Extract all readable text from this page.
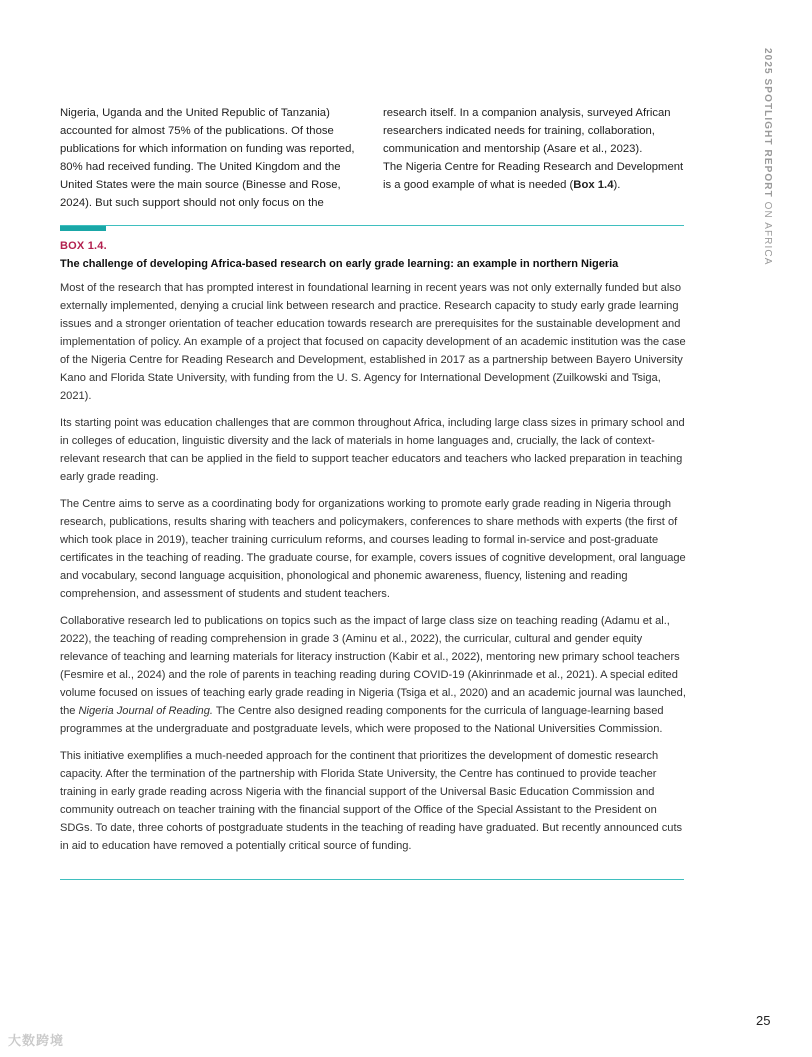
2025 SPOTLIGHT REPORT ON AFRICA

Nigeria, Uganda and the United Republic of Tanzania) accounted for almost 75% of the publications. Of those publications for which information on funding was reported, 80% had received funding. The United Kingdom and the United States were the main source (Binesse and Rose, 2024). But such support should not only focus on the

research itself. In a companion analysis, surveyed African researchers indicated needs for training, collaboration, communication and mentorship (Asare et al., 2023).

The Nigeria Centre for Reading Research and Development is a good example of what is needed (Box 1.4).

BOX 1.4.
The challenge of developing Africa-based research on early grade learning: an example in northern Nigeria

Most of the research that has prompted interest in foundational learning in recent years was not only externally funded but also externally implemented, denying a crucial link between research and practice. Research capacity to study early grade learning issues and a stronger orientation of teacher education towards research are prerequisites for the sustainable development and implementation of policy. An example of a project that focused on capacity development of an academic institution was the case of the Nigeria Centre for Reading Research and Development, established in 2017 as a partnership between Bayero University Kano and Florida State University, with funding from the U. S. Agency for International Development (Zuilkowski and Tsiga, 2021).

Its starting point was education challenges that are common throughout Africa, including large class sizes in primary school and in colleges of education, linguistic diversity and the lack of materials in home languages and, crucially, the lack of context-relevant research that can be applied in the field to support teacher educators and teachers who lacked preparation in teaching early grade reading.

The Centre aims to serve as a coordinating body for organizations working to promote early grade reading in Nigeria through research, publications, results sharing with teachers and policymakers, conferences to share methods with experts (the first of which took place in 2019), teacher training curriculum reforms, and courses leading to formal in-service and post-graduate certificates in the teaching of reading. The graduate course, for example, covers issues of cognitive development, oral language and vocabulary, second language acquisition, phonological and phonemic awareness, fluency, listening and reading comprehension, and assessment of students and student teachers.

Collaborative research led to publications on topics such as the impact of large class size on teaching reading (Adamu et al., 2022), the teaching of reading comprehension in grade 3 (Aminu et al., 2022), the curricular, cultural and gender equity relevance of teaching and learning materials for literacy instruction (Kabir et al., 2022), mentoring new primary school teachers (Fesmire et al., 2024) and the role of parents in teaching reading during COVID-19 (Akinrinmade et al., 2021). A special edited volume focused on issues of teaching early grade reading in Nigeria (Tsiga et al., 2020) and an academic journal was launched, the Nigeria Journal of Reading. The Centre also designed reading components for the curricula of language-learning based programmes at the undergraduate and postgraduate levels, which were proposed to the National Universities Commission.

This initiative exemplifies a much-needed approach for the continent that prioritizes the development of domestic research capacity. After the termination of the partnership with Florida State University, the Centre has continued to provide teacher training in early grade reading across Nigeria with the financial support of the Universal Basic Education Commission and community outreach on teacher training with the financial support of the Office of the Special Assistant to the President on SDGs. To date, three cohorts of postgraduate students in the teaching of reading have graduated. But recently announced cuts in aid to education have removed a potentially critical source of funding.

25
大数跨境
